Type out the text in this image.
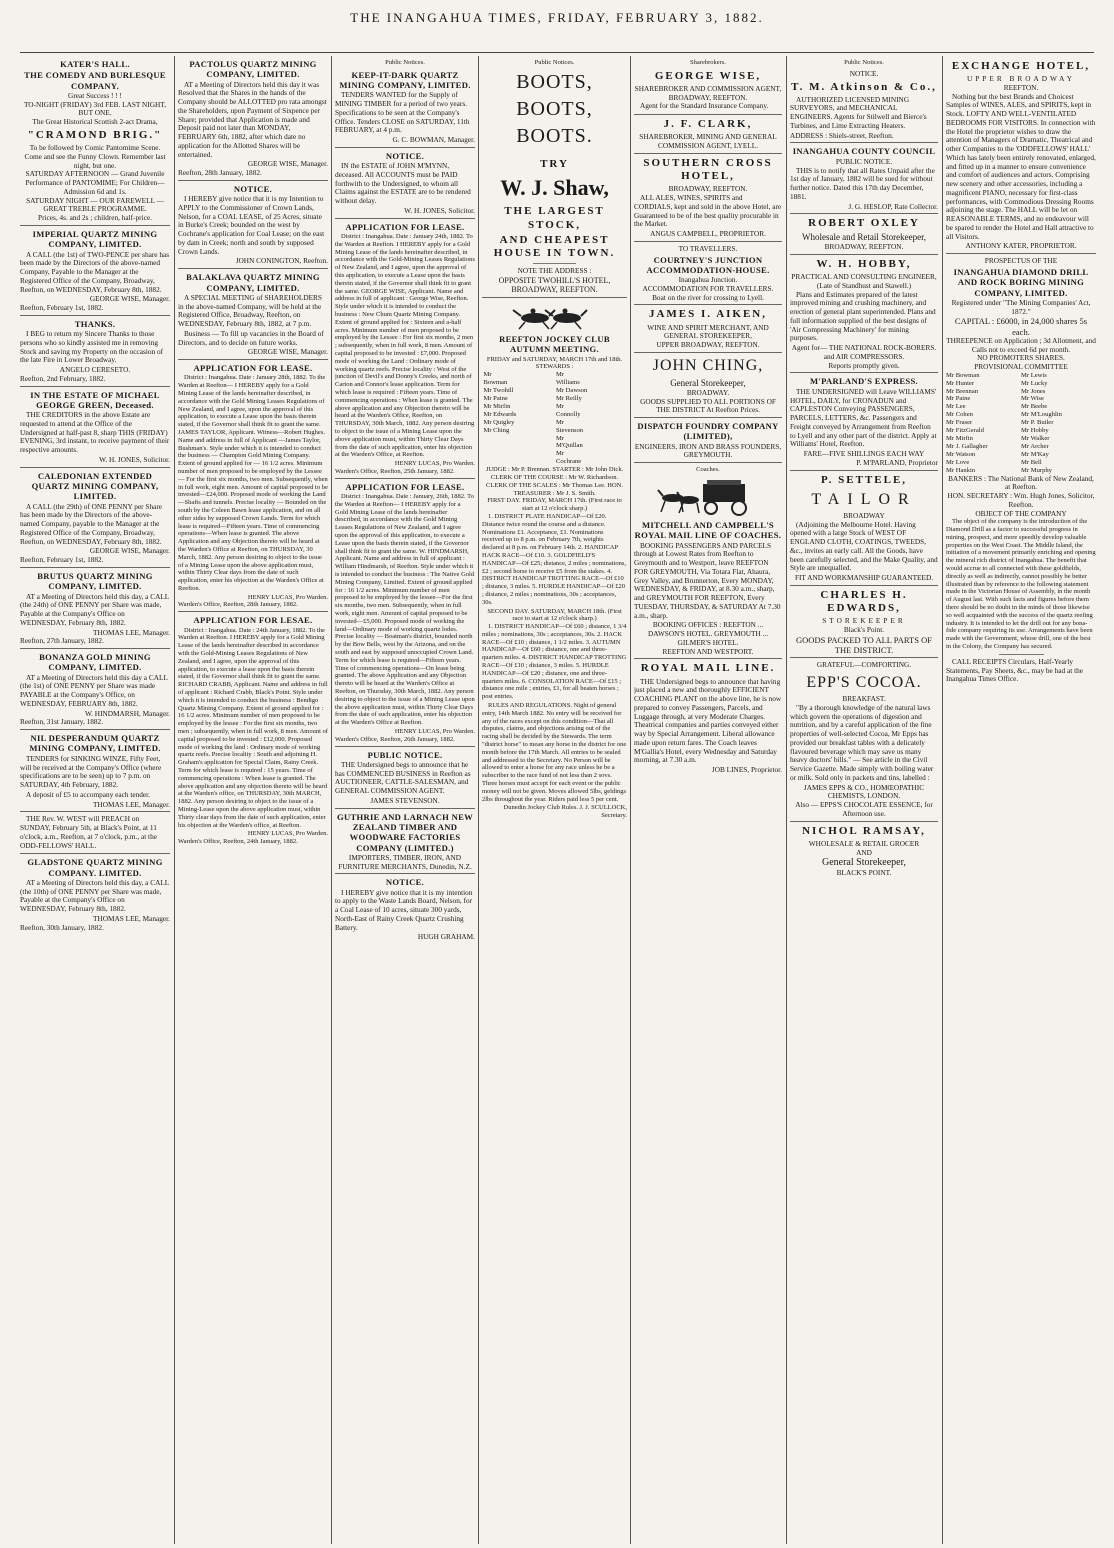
THE INANGAHUA TIMES, FRIDAY, FEBRUARY 3, 1882.
KATER'S HALL.
THE COMEDY AND BURLESQUE COMPANY.
Great Success ! ! !
TO-NIGHT (FRIDAY) 3rd FEB. LAST NIGHT, BUT ONE.
The Great Historical Scottish 2-act Drama,
"CRAMOND BRIG."
To be followed by Comic Pantomime Scene.
Come and see the Funny Clown. Remember last night, but one.
SATURDAY AFTERNOON — Grand Juvenile Performance of PANTOMIME; For Children—Admission 6d and 1s.
SATURDAY NIGHT — OUR FAREWELL — GREAT TREBLE PROGRAMME.
Prices, 4s. and 2s ; children, half-price.
IMPERIAL QUARTZ MINING COMPANY, LIMITED.

A CALL (the 1st) of TWO-PENCE per share has been made by the Directors of the above-named Company, Payable to the Manager at the Registered Office of the Company, Broadway, Reefton, on WEDNESDAY, February 8th, 1882.

GEORGE WISE, Manager.
Reefton, February 1st, 1882.
THANKS.

I BEG to return my Sincere Thanks to those persons who so kindly assisted me in removing Stock and saving my Property on the occasion of the late Fire in Lower Broadway.

ANGELO CERESETO.
Reefton, 2nd February, 1882.
IN THE ESTATE OF MICHAEL GEORGE GREEN, Deceased.

THE CREDITORS in the above Estate are requested to attend at the Office of the Undersigned at half-past 8, sharp THIS (FRIDAY) EVENING, 3rd instant, to receive payment of their respective amounts.

W. H. JONES, Solicitor.
CALEDONIAN EXTENDED QUARTZ MINING COMPANY, LIMITED.

A CALL (the 29th) of ONE PENNY per Share has been made by the Directors of the above-named Company, payable to the Manager at the Registered Office of the Company, Broadway, Reefton, on WEDNESDAY, February 8th, 1882.

GEORGE WISE, Manager.
Reefton, February 1st, 1882.
BRUTUS QUARTZ MINING COMPANY, LIMITED.

AT a Meeting of Directors held this day, a CALL (the 24th) of ONE PENNY per Share was made, Payable at the Company's Office on WEDNESDAY, February 8th, 1882.

THOMAS LEE, Manager.
Reefton, 27th January, 1882.
BONANZA GOLD MINING COMPANY, LIMITED.

AT a Meeting of Directors held this day a CALL (the 1st) of ONE PENNY per Share was made PAYABLE at the Company's Office, on WEDNESDAY, FEBRUARY 8th, 1882.

W. HINDMARSH, Manager.
Reefton, 31st January, 1882.
NIL DESPERANDUM QUARTZ MINING COMPANY, LIMITED.

TENDERS for SINKING WINZE, Fifty Feet, will be received at the Company's Office (where specifications are to be seen) up to 7 p.m. on SATURDAY, 4th February, 1882.

A deposit of £5 to accompany each tender.

THOMAS LEE, Manager.

THE Rev. W. WEST will PREACH on SUNDAY, February 5th, at Black's Point, at 11 o'clock, a.m., Reefton, at 7 o'clock, p.m., at the ODD-FELLOWS' HALL.

GLADSTONE QUARTZ MINING COMPANY. LIMITED.

AT a Meeting of Directors held this day, a CALL (the 10th) of ONE PENNY per Share was made, Payable at the Company's Office on WEDNESDAY, February 8th, 1882.

THOMAS LEE, Manager.
Reefton, 30th January, 1882.
PACTOLUS QUARTZ MINING COMPANY, LIMITED.

AT a Meeting of Directors held this day it was Resolved that the Shares in the hands of the Company should be ALLOTTED pro rata amongst the Shareholders, upon Payment of Sixpence per Share; provided that Application is made and Deposit paid not later than MONDAY, FEBRUARY 6th, 1882, after which date no application for the Allotted Shares will be entertained.

GEORGE WISE, Manager.
Reefton, 28th January, 1882.
NOTICE.

I HEREBY give notice that it is my Intention to APPLY to the Commissioner of Crown Lands, Nelson, for a COAL LEASE, of 25 Acres, situate in Burke's Creek; bounded on the west by Cochrane's application for Coal Lease; on the east by dam in Creek; north and south by supposed Crown Lands.

JOHN CONINGTON, Reefton.
BALAKLAVA QUARTZ MINING COMPANY, LIMITED.

A SPECIAL MEETING of SHAREHOLDERS in the above-named Company, will be held at the Registered Office, Broadway, Reefton, on WEDNESDAY, February 8th, 1882, at 7 p.m.

Business — To fill up vacancies in the Board of Directors, and to decide on future works.

GEORGE WISE, Manager.
APPLICATION FOR LEASE.

District : Inangahua. Date : January 28th, 1882. To the Warden at Reefton— I HEREBY apply for a Gold Mining Lease of the lands hereinafter described, in accordance with the Gold Mining Leases Regulations of New Zealand, and I agree, upon the approval of this application, to execute a Lease upon the basis therein stated, if the Governor shall think fit to grant the same. JAMES TAYLOR, Applicant. Witness—Robert Hughes. Name and address in full of Applicant —James Taylor, Bushman's. Style under which it is intended to conduct the business — Champion Gold Mining Company. Extent of ground applied for — 16 1/2 acres. Minimum number of men proposed to be employed by the Lessee — For the first six months, two men. Subsequently, when in full work, eight men. Amount of capital proposed to be invested—£24,000. Proposed mode of working the Land—Shafts and tunnels. Precise locality — Bounded on the south by the Coleen Bawn lease application, and on all other sides by supposed Crown Lands. Term for which lease is required—Fifteen years. Time of commencing operations—When lease is granted. The above Application and any Objection thereto will be heard at the Warden's Office at Reefton, on THURSDAY, 30 March, 1882. Any person desiring to object to the issue of a Mining Lease upon the above application must, within Thirty Clear days from the date of such application, enter his objection at the Warden's Office at Reefton.

HENRY LUCAS, Pro Warden.
Warden's Office, Reefton, 28th January, 1882.
APPLICATION FOR LESAE.

District : Inangahua. Date : 24th January, 1882. To the Warden at Reefton. I HEREBY apply for a Gold Mining Lease of the lands hereinafter described in accordance with the Gold-Mining Leases Regulations of New Zealand, and I agree, upon the approval of this application, to execute a lease upon the basis therein stated, if the Governor shall think fit to grant the same. RICHARD CRABB, Applicant. Name and address in full of applicant : Richard Crabb, Black's Point. Style under which it is intended to conduct the business : Bendigo Quartz Mining Company. Extent of ground applied for : 16 1/2 acres. Minimum number of men proposed to be employed by the lessee : For the first six months, two men ; subsequently, when in full work, 8 men. Amount of capital proposed to be invested : £12,000. Proposed mode of working the land : Ordinary mode of working quartz reefs. Precise locality : South and adjoining H. Graham's application for Special Claim, Rainy Creek. Term for which lease is required : 15 years. Time of commencing operations : When lease is granted. The above application and any objection thereto will be heard at the Warden's office, on THURSDAY, 30th MARCH, 1882. Any person desiring to object to the issue of a Mining-Lease upon the above application must, within Thirty clear days from the date of such application, enter his objection at the Warden's office, at Reefton.

HENRY LUCAS, Pro Warden.
Warden's Office, Reefton, 24th January, 1882.
Public Notices.
KEEP-IT-DARK QUARTZ MINING COMPANY, LIMITED.

TENDERS WANTED for the Supply of MINING TIMBER for a period of two years. Specifications to be seen at the Company's Office. Tenders CLOSE on SATURDAY, 11th FEBRUARY, at 4 p.m.

G. C. BOWMAN, Manager.
NOTICE.

IN the ESTATE of JOHN M'MYNN, deceased. All ACCOUNTS must be PAID forthwith to the Undersigned, to whom all Claims against the ESTATE are to be rendered without delay.

W. H. JONES, Solicitor.
APPLICATION FOR LEASE.

District : Inangahua. Date : January 24th, 1882. To the Warden at Reefton. I HEREBY apply for a Gold Mining Lease of the lands hereinafter described, in accordance with the Gold-Mining Leases Regulations of New Zealand, and I agree, upon the approval of this application, to execute a Lease upon the basis therein stated, if the Governor shall think fit to grant the same. GEORGE WISE, Applicant. Name and address in full of applicant : George Wise, Reefton. Style under which it is intended to conduct the business : New Chum Quartz Mining Company. Extent of ground applied for : Sixteen and a-half acres. Minimum number of men proposed to be employed by the Lessee : For first six months, 2 men ; subsequently, when in full work, 8 men. Amount of capital proposed to be invested : £7,000. Proposed mode of working the Land : Ordinary mode of working quartz reefs. Precise locality : West of the junction of Devil's and Donny's Creeks, and north of Carton and Connor's lease application. Term for which lease is required : Fifteen years. Time of commencing operations : When lease is granted. The above application and any Objection thereto will be heard at the Warden's Office, Reefton, on THURSDAY, 30th March, 1882. Any person desiring to object to the issue of a Mining Lease upon the above application must, within Thirty Clear Days from the date of such application, enter his objection at the Warden's Office, at Reefton.

HENRY LUCAS, Pro Warden.
Warden's Office, Reefton, 25th January, 1882.
APPLICATION FOR LEASE.

District : Inangahua. Date : January, 26th, 1882. To the Warden at Reefton— I HEREBY apply for a Gold Mining Lease of the lands hereinafter described, in accordance with the Gold Mining Leases Regulations of New Zealand, and I agree upon the approval of this application, to execute a Lease upon the basis therein stated, if the Governor shall think fit to grant the same. W. HINDMARSH, Applicant. Name and address in full of applicant : William Hindmarsh, of Reefton. Style under which it is intended to conduct the business : The Native Gold Mining Company, Limited. Extent of ground applied for : 16 1/2 acres. Minimum number of men proposed to be employed by the lessee—For the first six months, two men. Subsequently, when in full work, eight men. Amount of capital proposed to be invested—£5,000. Proposed mode of working the land—Ordinary mode of working quartz lodes. Precise locality — Boatman's district, bounded north by the Bow Bells, west by the Arizona, and on the south and east by supposed unoccupied Crown Land. Term for which lease is required—Fifteen years. Time of commencing operations—On lease being granted. The above Application and any Objection thereto will be heard at the Warden's Office at Reefton, on Thursday, 30th March, 1882. Any person desiring to object to the issue of a Mining Lease upon the above application must, within Thirty Clear Days from the date of such application, enter his objection at the Warden's Office at Reefton.

HENRY LUCAS, Pro Warden.
Warden's Office, Reefton, 26th January, 1882.
PUBLIC NOTICE.

THE Undersigned begs to announce that he has COMMENCED BUSINESS in Reefton as AUCTIONEER, CATTLE-SALESMAN, and GENERAL COMMISSION AGENT.

JAMES STEVENSON.
GUTHRIE AND LARNACH NEW ZEALAND TIMBER AND WOODWARE FACTORIES COMPANY (LIMITED.)
IMPORTERS, TIMBER, IRON, AND FURNITURE MERCHANTS, Dunedin, N.Z.
NOTICE.

I HEREBY give notice that it is my intention to apply to the Waste Lands Board, Nelson, for a Coal Lease of 10 acres, situate 300 yards, North-East of Rainy Creek Quartz Crushing Battery.

HUGH GRAHAM.
Public Notices.
BOOTS,
BOOTS,
BOOTS.
TRY
W. J. Shaw,
THE LARGEST STOCK,
AND CHEAPEST HOUSE IN TOWN.
NOTE THE ADDRESS :
OPPOSITE TWOHILL'S HOTEL, BROADWAY, REEFTON.
REEFTON JOCKEY CLUB AUTUMN MEETING.
FRIDAY and SATURDAY, MARCH 17th and 18th.
STEWARDS :
Mr Bowman
Mr Twohill
Mr Paine
Mr Mirfin
Mr Edwards
Mr Quigley
Mr Ching
Mr Williams
Mr Dawson
Mr Reilly
Mr Connolly
Mr Stevenson
Mr M'Quillan
Mr Cochrane
JUDGE : Mr P. Brennan. STARTER : Mr John Dick. CLERK OF THE COURSE : Mr W. Richardson. CLERK OF THE SCALES : Mr Thomas Lee. HON. TREASURER : Mr J. S. Smith.
FIRST DAY. FRIDAY, MARCH 17th. (First race to start at 12 o'clock sharp.)

1. DISTRICT PLATE HANDICAP—Of £20. Distance twice round the course and a distance. Nominations £1. Acceptance, £1. Nominations received up to 8 p.m. on February 7th, weights declared at 8 p.m. on February 14th. 2. HANDICAP HACK RACE—Of £10. 3. GOLDFIELD'S HANDICAP—Of £25; distance, 2 miles ; nominations, £2 ; second horse to receive £5 from the stakes. 4. DISTRICT HANDICAP TROTTING RACE—Of £10 ; distance, 3 miles. 5. HURDLE HANDICAP—Of £20 ; distance, 2 miles ; nominations, 30s ; acceptances, 30s.

SECOND DAY. SATURDAY, MARCH 18th. (First race to start at 12 o'clock sharp.)

1. DISTRICT HANDICAP—Of £60 ; distance, 1 3/4 miles ; nominations, 30s ; acceptances, 30s. 2. HACK RACE—Of £10 ; distance, 1 1/2 miles. 3. AUTUMN HANDICAP—Of £60 ; distance, one and three-quarters miles. 4. DISTRICT HANDICAP TROTTING RACE—Of £10 ; distance, 3 miles. 5. HURDLE HANDICAP—Of £20 ; distance, one and three-quarters miles. 6. CONSOLATION RACE—Of £15 ; distance one mile ; entries, £1, for all beaten horses ; post entries.

RULES AND REGULATIONS. Night of general entry, 14th March 1882. No entry will be received for any of the races except on this condition—That all disputes, claims, and objections arising out of the racing shall be decided by the Stewards. The term "district horse" to mean any horse in the district for one month before the 17th March. All entries to be sealed and addressed to the Secretary. No Person will be allowed to enter a horse for any race unless he be a subscriber to the race fund of not less than 2 sovs. Three horses must accept for each event or the public money will not be given. Moves allowed 5lbs, geldings 2lbs throughout the year. Riders paid less 5 per cent.

Dunedin Jockey Club Rules. J. J. SCULLOCK, Secretary.
Sharebrokers.
GEORGE WISE,
SHAREBROKER AND COMMISSION AGENT, BROADWAY, REEFTON.

Agent for the Standard Insurance Company.

J. F. CLARK,
SHAREBROKER, MINING AND GENERAL COMMISSION AGENT, LYELL.
SOUTHERN CROSS HOTEL,
BROADWAY, REEFTON.

ALL ALES, WINES, SPIRITS and CORDIALS, kept and sold in the above Hotel, are Guaranteed to be of the best quality procurable in the Market.

ANGUS CAMPBELL, PROPRIETOR.
TO TRAVELLERS.
COURTNEY'S JUNCTION ACCOMMODATION-HOUSE.
Inangahua Junction.
ACCOMMODATION FOR TRAVELLERS.
Boat on the river for crossing to Lyell.
JAMES I. AIKEN,
WINE AND SPIRIT MERCHANT, AND GENERAL STOREKEEPER,
UPPER BROADWAY, REEFTON.
JOHN CHING,
General Storekeeper,
BROADWAY.
GOODS SUPPLIED TO ALL PORTIONS OF THE DISTRICT At Reefton Prices.
DISPATCH FOUNDRY COMPANY (LIMITED),
ENGINEERS, IRON AND BRASS FOUNDERS,
GREYMOUTH.
Coaches.
MITCHELL AND CAMPBELL'S ROYAL MAIL LINE OF COACHES.

BOOKING PASSENGERS AND PARCELS through at Lowest Rates from Reefton to Greymouth and to Westport, leave REEFTON FOR GREYMOUTH, Via Totara Flat, Ahaura, Grey Valley, and Brunnerton, Every MONDAY, WEDNESDAY, & FRIDAY, at 8.30 a.m., sharp, and GREYMOUTH FOR REEFTON, Every TUESDAY, THURSDAY, & SATURDAY At 7.30 a.m., sharp.

BOOKING OFFICES : REEFTON ... DAWSON'S HOTEL. GREYMOUTH ... GILMER'S HOTEL.
REEFTON AND WESTPORT.
ROYAL MAIL LINE.

THE Undersigned begs to announce that having just placed a new and thoroughly EFFICIENT COACHING PLANT on the above line, he is now prepared to convey Passengers, Parcels, and Luggage through, at very Moderate Charges. Theatrical companies and parties conveyed either way by Special Arrangement. Liberal allowance made upon return fares. The Coach leaves M'Gallia's Hotel, every Wednesday and Saturday morning, at 7.30 a.m.

JOB LINES, Proprietor.
Public Notices.
NOTICE.
T. M. Atkinson & Co.,

AUTHORIZED LICENSED MINING SURVEYORS, and MECHANICAL ENGINEERS. Agents for Stilwell and Bierce's Turbines, and Lime Extracting Heaters.

ADDRESS : Shiels-street, Reefton.
INANGAHUA COUNTY COUNCIL
PUBLIC NOTICE.

THIS is to notify that all Rates Unpaid after the 1st day of January, 1882 will be sued for without further notice. Dated this 17th day December, 1881.

J. G. HESLOP, Rate Collector.
ROBERT OXLEY
Wholesale and Retail Storekeeper,
BROADWAY, REEFTON.
W. H. HOBBY,
PRACTICAL AND CONSULTING ENGINEER,
(Late of Standhust and Stawell.)

Plans and Estimates prepared of the latest improved mining and crushing machinery, and erection of general plant superintended. Plans and full information supplied of the best designs of 'Air Compressing Machinery' for mining purposes.

Agent for— THE NATIONAL ROCK-BORERS. and AIR COMPRESSORS.
Reports promptly given.
M'PARLAND'S EXPRESS.

THE UNDERSIGNED will Leave WILLIAMS' HOTEL, DAILY, for CRONADUN and CAPLESTON Conveying PASSENGERS, PARCELS, LETTERS, &c. Passengers and Freight conveyed by Arrangement from Reefton to Lyell and any other part of the district. Apply at Williams' Hotel, Reefton.

FARE—FIVE SHILLINGS EACH WAY
P. M'PARLAND, Proprietor
P. SETTELE,
TAILOR
BROADWAY

(Adjoining the Melbourne Hotel. Having opened with a large Stock of WEST OF ENGLAND CLOTH, COATINGS, TWEEDS, &c., invites an early call. All the Goods, have been carefully selected, and the Make Quality, and Style are unequalled.

FIT AND WORKMANSHIP GUARANTEED.
CHARLES H. EDWARDS,
STOREKEEPER
Black's Point.
GOODS PACKED TO ALL PARTS OF THE DISTRICT.
GRATEFUL—COMFORTING.
EPP'S COCOA.
BREAKFAST.

"By a thorough knowledge of the natural laws which govern the operations of digestion and nutrition, and by a careful application of the fine properties of well-selected Cocoa, Mr Epps has provided our breakfast tables with a delicately flavoured beverage which may save us many heavy doctors' bills." — See article in the Civil Service Gazette. Made simply with boiling water or milk. Sold only in packets and tins, labelled :

JAMES EPPS & CO., HOMŒOPATHIC CHEMISTS, LONDON.
Also — EPPS'S CHOCOLATE ESSENCE, for Afternoon use.
NICHOL RAMSAY,
WHOLESALE & RETAIL GROCER
AND
General Storekeeper,
BLACK'S POINT.
EXCHANGE HOTEL,
UPPER BROADWAY
REEFTON.

Nothing but the best Brands and Choicest Samples of WINES, ALES, and SPIRITS, kept in Stock. LOFTY AND WELL-VENTILATED BEDROOMS FOR VISITORS. In connection with the Hotel the proprietor wishes to draw the attention of Managers of Dramatic, Theatrical and other Companies to the 'ODDFELLOWS' HALL' Which has lately been entirely renovated, enlarged, and fitted up in a manner to ensure convenience and comfort of audiences and actors. Comprising new scenery and other accessories, including a magnificent PIANO, necessary for first-class performances, with Commodious Dressing Rooms adjoining the stage. The HALL will be let on REASONABLE TERMS, and no endeavour will be spared to render the Hotel and Hall attractive to all Visitors.

ANTHONY KATER, PROPRIETOR.
PROSPECTUS OF THE
INANGAHUA DIAMOND DRILL AND ROCK BORING MINING COMPANY, LIMITED.
Registered under "The Mining Companies' Act, 1872."
CAPITAL : £6000, in 24,000 shares 5s each.
THREEPENCE on Application ; 3d Allotment, and Calls not to exceed 6d per month.
NO PROMOTERS SHARES.
PROVISIONAL COMMITTEE
Mr Bowman
Mr Hunter
Mr Brennan
Mr Paine
Mr Lee
Mr Cohen
Mr Fraser
Mr FitzGerald
Mr Mirfin
Mr J. Gallagher
Mr Watson
Mr Love
Mr Hankin
Mr Lewis
Mr Lucky
Mr Jones
Mr Wise
Mr Beebe
Mr M'Loughlin
Mr P. Butler
Mr Hobby
Mr Walker
Mr Archer
Mr M'Kay
Mr Bell
Mr Murphy
BANKERS : The National Bank of New Zealand, at Reefton.
HON. SECRETARY : Wm. Hugh Jones, Solicitor, Reefton.
OBJECT OF THE COMPANY

The object of the company is the introduction of the Diamond Drill as a factor to successful progress in mining, prospect, and more speedily develop valuable properties on the West Coast. The Middle Island, the initiation of a movement primarily enriching and opening the mineral rich district of Inangahua. The benefit that would accrue to all connected with these goldfields, directly as well as indirectly, cannot possibly be better illustrated than by reference to the following statement made in the Victorian House of Assembly, in the month of August last. With such facts and figures before them there should be no doubt in the minds of those likewise so well acquainted with the success of the quartz reefing industry. It is intended to let the drill out for any bona-fide company requiring its use. Arrangements have been made with the Government, whose drill, one of the best in the Colony, the Company has secured.

CALL RECEIPTS Circulars, Half-Yearly Statements, Pay Sheets, &c., may be had at the Inangahua Times Office.
